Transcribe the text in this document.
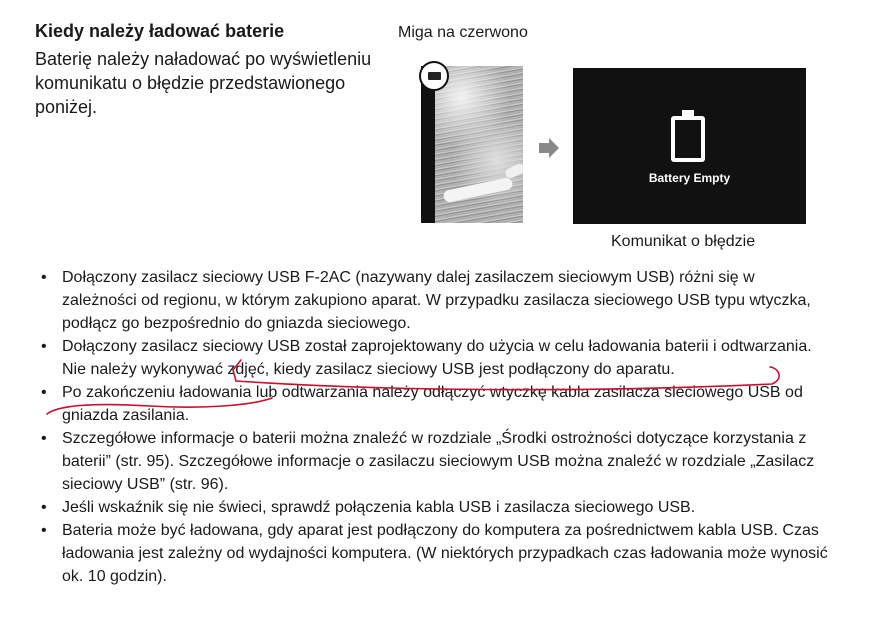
Kiedy należy ładować baterie

Baterię należy naładować po wyświetleniu komunikatu o błędzie przedstawionego poniżej.

Miga na czerwono
Battery Empty
Komunikat o błędzie
• Dołączony zasilacz sieciowy USB F-2AC (nazywany dalej zasilaczem sieciowym USB) różni się w zależności od regionu, w którym zakupiono aparat. W przypadku zasilacza sieciowego USB typu wtyczka, podłącz go bezpośrednio do gniazda sieciowego.
• Dołączony zasilacz sieciowy USB został zaprojektowany do użycia w celu ładowania baterii i odtwarzania. Nie należy wykonywać zdjęć, kiedy zasilacz sieciowy USB jest podłączony do aparatu.
• Po zakończeniu ładowania lub odtwarzania należy odłączyć wtyczkę kabla zasilacza sieciowego USB od gniazda zasilania.
• Szczegółowe informacje o baterii można znaleźć w rozdziale „Środki ostrożności dotyczące korzystania z baterii” (str. 95). Szczegółowe informacje o zasilaczu sieciowym USB można znaleźć w rozdziale „Zasilacz sieciowy USB” (str. 96).
• Jeśli wskaźnik się nie świeci, sprawdź połączenia kabla USB i zasilacza sieciowego USB.
• Bateria może być ładowana, gdy aparat jest podłączony do komputera za pośrednictwem kabla USB. Czas ładowania jest zależny od wydajności komputera. (W niektórych przypadkach czas ładowania może wynosić ok. 10 godzin).
